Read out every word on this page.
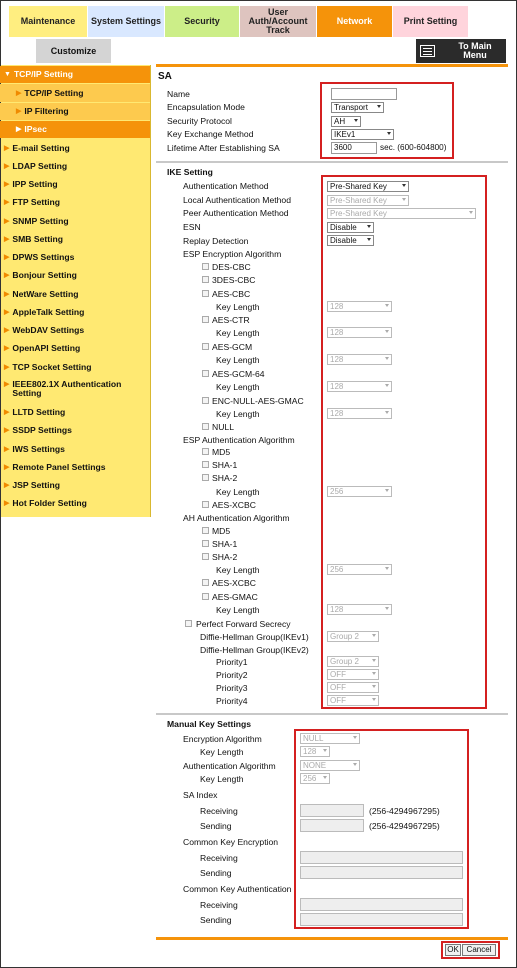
Maintenance	System Settings	Security
User Auth/Account Track
Network	Print Setting
Customize	To Main Menu
▼ TCP/IP Setting
▶ TCP/IP Setting
▶ IP Filtering
▶ IPsec
▶ E-mail Setting
▶ LDAP Setting
▶ IPP Setting
▶ FTP Setting
▶ SNMP Setting
▶ SMB Setting
▶ DPWS Settings
▶ Bonjour Setting
▶ NetWare Setting
▶ AppleTalk Setting
▶ WebDAV Settings
▶ OpenAPI Setting
▶ TCP Socket Setting
▶ IEEE802.1X Authentication Setting
▶ LLTD Setting
▶ SSDP Settings
▶ IWS Settings
▶ Remote Panel Settings
▶ JSP Setting
▶ Hot Folder Setting
SA
Name
Encapsulation Mode	Transport
Security Protocol	AH
Key Exchange Method	IKEv1
Lifetime After Establishing SA	3600	sec. (600-604800)
IKE Setting
Authentication Method	Pre-Shared Key
Local Authentication Method	Pre-Shared Key
Peer Authentication Method	Pre-Shared Key
ESN	Disable
Replay Detection	Disable
ESP Encryption Algorithm
DES-CBC
3DES-CBC
AES-CBC
Key Length	128
AES-CTR
Key Length	128
AES-GCM
Key Length	128
AES-GCM-64
Key Length	128
ENC-NULL-AES-GMAC
Key Length	128
NULL
ESP Authentication Algorithm
MD5
SHA-1
SHA-2
Key Length	256
AES-XCBC
AH Authentication Algorithm
MD5
SHA-1
SHA-2
Key Length	256
AES-XCBC
AES-GMAC
Key Length	128
Perfect Forward Secrecy
Diffie-Hellman Group(IKEv1)	Group 2
Diffie-Hellman Group(IKEv2)
Priority1	Group 2
Priority2	OFF
Priority3	OFF
Priority4	OFF
Manual Key Settings
Encryption Algorithm	NULL
Key Length	128
Authentication Algorithm	NONE
Key Length	256
SA Index
Receiving	(256-4294967295)
Sending	(256-4294967295)
Common Key Encryption
Receiving
Sending
Common Key Authentication
Receiving
Sending
OK Cancel
